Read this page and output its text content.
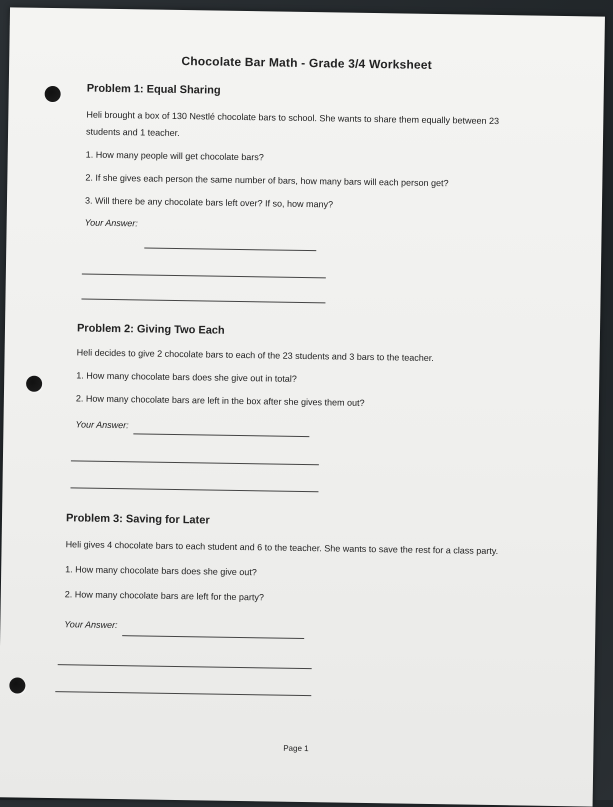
Chocolate Bar Math - Grade 3/4 Worksheet

Problem 1: Equal Sharing

Heli brought a box of 130 Nestlé chocolate bars to school. She wants to share them equally between 23

students and 1 teacher.

1. How many people will get chocolate bars?

2. If she gives each person the same number of bars, how many bars will each person get?

3. Will there be any chocolate bars left over? If so, how many?

Your Answer:

Problem 2: Giving Two Each

Heli decides to give 2 chocolate bars to each of the 23 students and 3 bars to the teacher.

1. How many chocolate bars does she give out in total?

2. How many chocolate bars are left in the box after she gives them out?

Your Answer:

Problem 3: Saving for Later

Heli gives 4 chocolate bars to each student and 6 to the teacher. She wants to save the rest for a class party.

1. How many chocolate bars does she give out?

2. How many chocolate bars are left for the party?

Your Answer:
Page 1
